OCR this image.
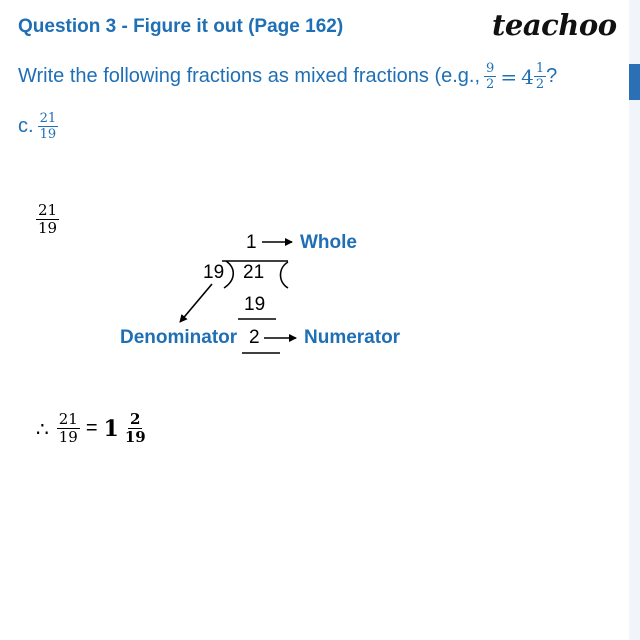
Question 3 - Figure it out (Page 162)	teachoo
Write the following fractions as mixed fractions (e.g., $\frac{9}{2} = 4 \frac{1}{2}$ ?
c. $\frac{21}{19}$
$\frac{21}{19}$
1
19 21
19
2
Whole
Denominator	Numerator
∴ $\frac{21}{19} = 1 \frac{2}{19}$
